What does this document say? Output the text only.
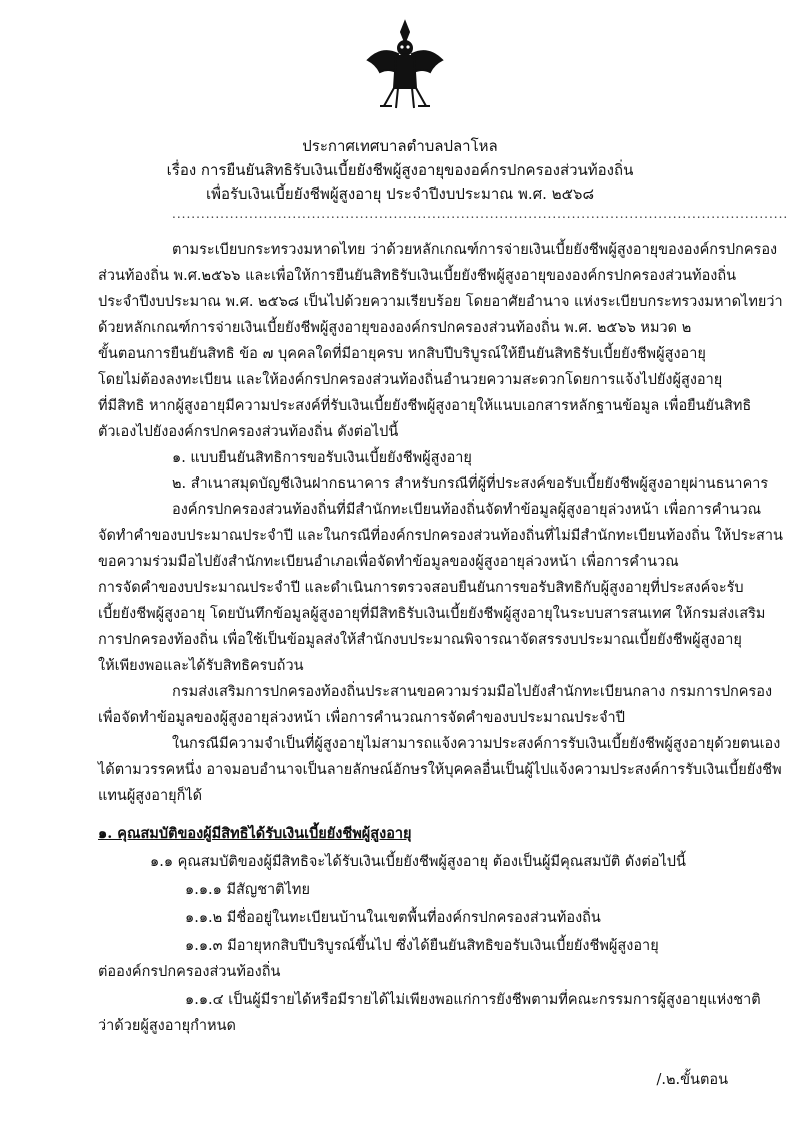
ประกาศเทศบาลตำบลปลาโหล
เรื่อง การยืนยันสิทธิรับเงินเบี้ยยังชีพผู้สูงอายุของอค์กรปกครองส่วนท้องถิ่น
เพื่อรับเงินเบี้ยยังชีพผู้สูงอายุ ประจำปีงบประมาณ พ.ศ. ๒๕๖๘
................................................................................................................................
ตามระเบียบกระทรวงมหาดไทย ว่าด้วยหลักเกณฑ์การจ่ายเงินเบี้ยยังชีพผู้สูงอายุขององค์กรปกครอง
ส่วนท้องถิ่น พ.ศ.๒๕๖๖ และเพื่อให้การยืนยันสิทธิรับเงินเบี้ยยังชีพผู้สูงอายุขององค์กรปกครองส่วนท้องถิ่น
ประจำปีงบประมาณ พ.ศ. ๒๕๖๘ เป็นไปด้วยความเรียบร้อย โดยอาศัยอำนาจ แห่งระเบียบกระทรวงมหาดไทยว่า
ด้วยหลักเกณฑ์การจ่ายเงินเบี้ยยังชีพผู้สูงอายุขององค์กรปกครองส่วนท้องถิ่น พ.ศ. ๒๕๖๖ หมวด ๒
ขั้นตอนการยืนยันสิทธิ ข้อ ๗ บุคคลใดที่มีอายุครบ หกสิบปีบริบูรณ์ให้ยืนยันสิทธิรับเบี้ยยังชีพผู้สูงอายุ
โดยไม่ต้องลงทะเบียน และให้องค์กรปกครองส่วนท้องถิ่นอำนวยความสะดวกโดยการแจ้งไปยังผู้สูงอายุ
ที่มีสิทธิ หากผู้สูงอายุมีความประสงค์ที่รับเงินเบี้ยยังชีพผู้สูงอายุให้แนบเอกสารหลักฐานข้อมูล เพื่อยืนยันสิทธิ
ตัวเองไปยังองค์กรปกครองส่วนท้องถิ่น ดังต่อไปนี้
๑. แบบยืนยันสิทธิการขอรับเงินเบี้ยยังชีพผู้สูงอายุ
๒. สำเนาสมุดบัญชีเงินฝากธนาคาร สำหรับกรณีที่ผู้ที่ประสงค์ขอรับเบี้ยยังชีพผู้สูงอายุผ่านธนาคาร
องค์กรปกครองส่วนท้องถิ่นที่มีสำนักทะเบียนท้องถิ่นจัดทำข้อมูลผู้สูงอายุล่วงหน้า เพื่อการคำนวณ
จัดทำคำของบประมาณประจำปี และในกรณีที่องค์กรปกครองส่วนท้องถิ่นที่ไม่มีสำนักทะเบียนท้องถิ่น ให้ประสาน
ขอความร่วมมือไปยังสำนักทะเบียนอำเภอเพื่อจัดทำข้อมูลของผู้สูงอายุล่วงหน้า เพื่อการคำนวณ
การจัดคำของบประมาณประจำปี และดำเนินการตรวจสอบยืนยันการขอรับสิทธิกับผู้สูงอายุที่ประสงค์จะรับ
เบี้ยยังชีพผู้สูงอายุ โดยบันทึกข้อมูลผู้สูงอายุที่มีสิทธิรับเงินเบี้ยยังชีพผู้สูงอายุในระบบสารสนเทศ ให้กรมส่งเสริม
การปกครองท้องถิ่น เพื่อใช้เป็นข้อมูลส่งให้สำนักงบประมาณพิจารณาจัดสรรงบประมาณเบี้ยยังชีพผู้สูงอายุ
ให้เพียงพอและได้รับสิทธิครบถ้วน
กรมส่งเสริมการปกครองท้องถิ่นประสานขอความร่วมมือไปยังสำนักทะเบียนกลาง กรมการปกครอง
เพื่อจัดทำข้อมูลของผู้สูงอายุล่วงหน้า เพื่อการคำนวณการจัดคำของบประมาณประจำปี
ในกรณีมีความจำเป็นที่ผู้สูงอายุไม่สามารถแจ้งความประสงค์การรับเงินเบี้ยยังชีพผู้สูงอายุด้วยตนเอง
ได้ตามวรรคหนึ่ง อาจมอบอำนาจเป็นลายลักษณ์อักษรให้บุคคลอื่นเป็นผู้ไปแจ้งความประสงค์การรับเงินเบี้ยยังชีพ
แทนผู้สูงอายุก็ได้
๑. คุณสมบัติของผู้มีสิทธิได้รับเงินเบี้ยยังชีพผู้สูงอายุ
๑.๑ คุณสมบัติของผู้มีสิทธิจะได้รับเงินเบี้ยยังชีพผู้สูงอายุ ต้องเป็นผู้มีคุณสมบัติ ดังต่อไปนี้
๑.๑.๑ มีสัญชาติไทย
๑.๑.๒ มีชื่ออยู่ในทะเบียนบ้านในเขตพื้นที่องค์กรปกครองส่วนท้องถิ่น
๑.๑.๓ มีอายุหกสิบปีบริบูรณ์ขึ้นไป ซึ่งได้ยืนยันสิทธิขอรับเงินเบี้ยยังชีพผู้สูงอายุ
ต่อองค์กรปกครองส่วนท้องถิ่น
๑.๑.๔ เป็นผู้มีรายได้หรือมีรายได้ไม่เพียงพอแก่การยังชีพตามที่คณะกรรมการผู้สูงอายุแห่งชาติ
ว่าด้วยผู้สูงอายุกำหนด
/.๒.ขั้นตอน
